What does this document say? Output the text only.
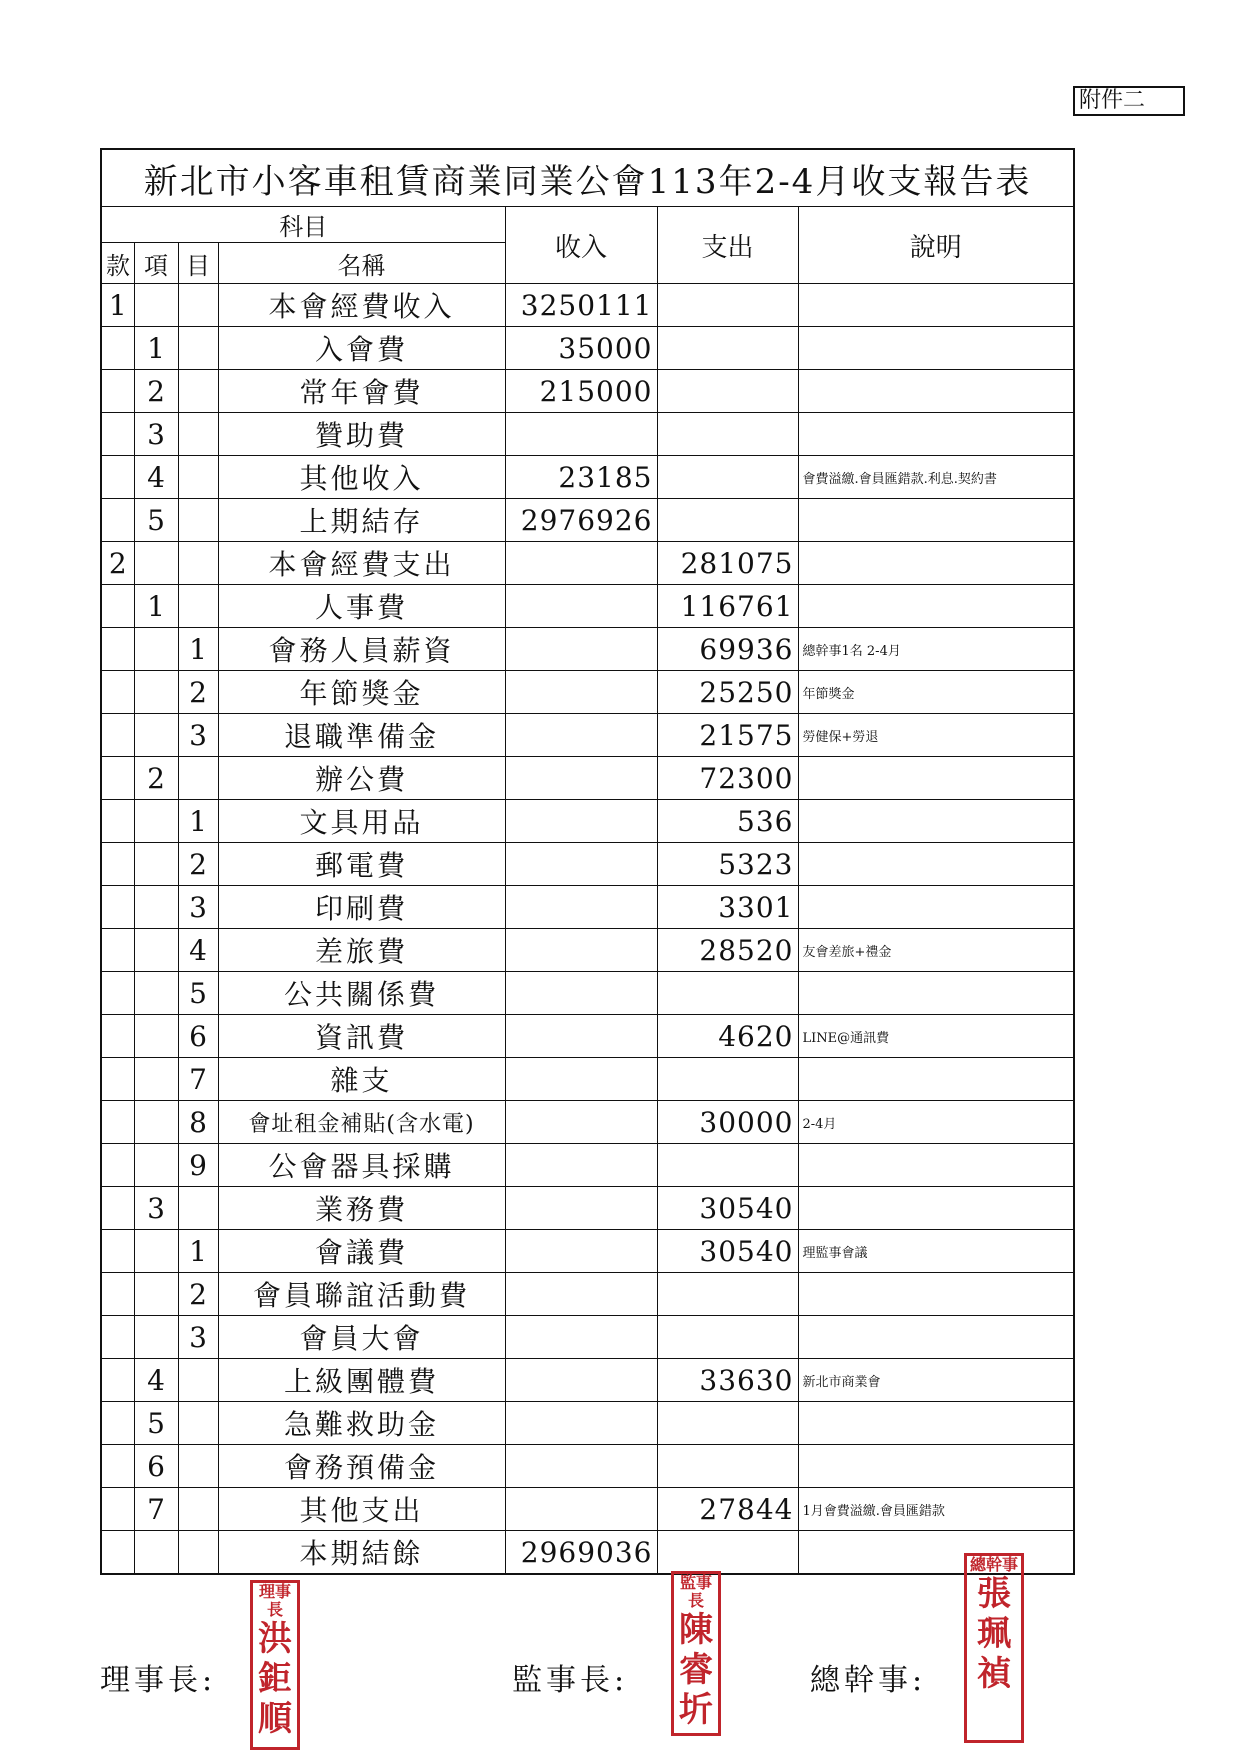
附件二
新北市小客車租賃商業同業公會113年2-4月收支報告表						
科目				收入	支出	說明
款	項	目	名稱			
1			本會經費收入	3250111		
	1		入會費	35000		
	2		常年會費	215000		
	3		贊助費			
	4		其他收入	23185		會費溢繳.會員匯錯款.利息.契約書
	5		上期結存	2976926		
2			本會經費支出		281075	
	1		人事費		116761	
		1	會務人員薪資		69936	總幹事1名 2-4月
		2	年節獎金		25250	年節獎金
		3	退職準備金		21575	勞健保+勞退
	2		辦公費		72300	
		1	文具用品		536	
		2	郵電費		5323	
		3	印刷費		3301	
		4	差旅費		28520	友會差旅+禮金
		5	公共關係費			
		6	資訊費		4620	LINE@通訊費
		7	雜支			
		8	會址租金補貼(含水電)		30000	2-4月
		9	公會器具採購			
	3		業務費		30540	
		1	會議費		30540	理監事會議
		2	會員聯誼活動費			
		3	會員大會			
	4		上級團體費		33630	新北市商業會
	5		急難救助金			
	6		會務預備金			
	7		其他支出		27844	1月會費溢繳.會員匯錯款
			本期結餘	2969036		
理事長:	監事長:	總幹事:
理事長
洪鉅順
監事長
陳睿圻
總幹事
張珮禎
